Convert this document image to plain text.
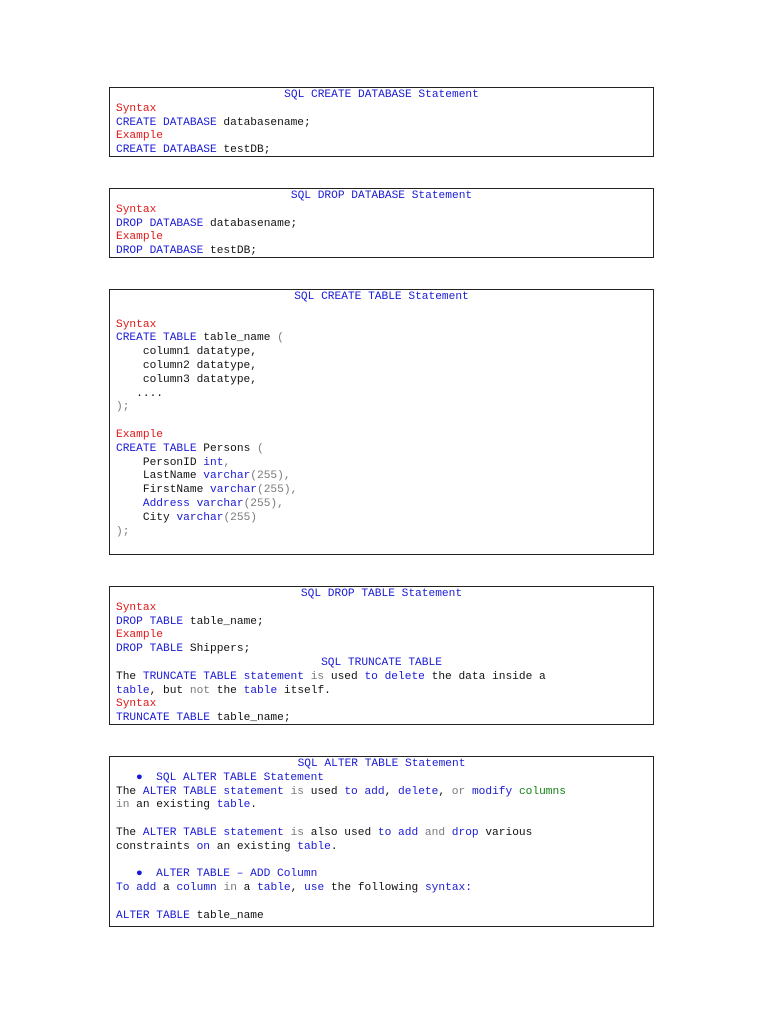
SQL CREATE DATABASE Statement
Syntax
CREATE DATABASE databasename;
Example
CREATE DATABASE testDB;
SQL DROP DATABASE Statement
Syntax
DROP DATABASE databasename;
Example
DROP DATABASE testDB;
SQL CREATE TABLE Statement
Syntax
CREATE TABLE table_name (
column1 datatype,
column2 datatype,
column3 datatype,
....
);
Example
CREATE TABLE Persons (
PersonID int,
LastName varchar(255),
FirstName varchar(255),
Address varchar(255),
City varchar(255)
);
SQL DROP TABLE Statement
Syntax
DROP TABLE table_name;
Example
DROP TABLE Shippers;
SQL TRUNCATE TABLE
The TRUNCATE TABLE statement is used to delete the data inside a
table, but not the table itself.
Syntax
TRUNCATE TABLE table_name;
SQL ALTER TABLE Statement
●  SQL ALTER TABLE Statement
The ALTER TABLE statement is used to add, delete, or modify columns
in an existing table.
The ALTER TABLE statement is also used to add and drop various
constraints on an existing table.
●  ALTER TABLE – ADD Column
To add a column in a table, use the following syntax:
ALTER TABLE table_name
